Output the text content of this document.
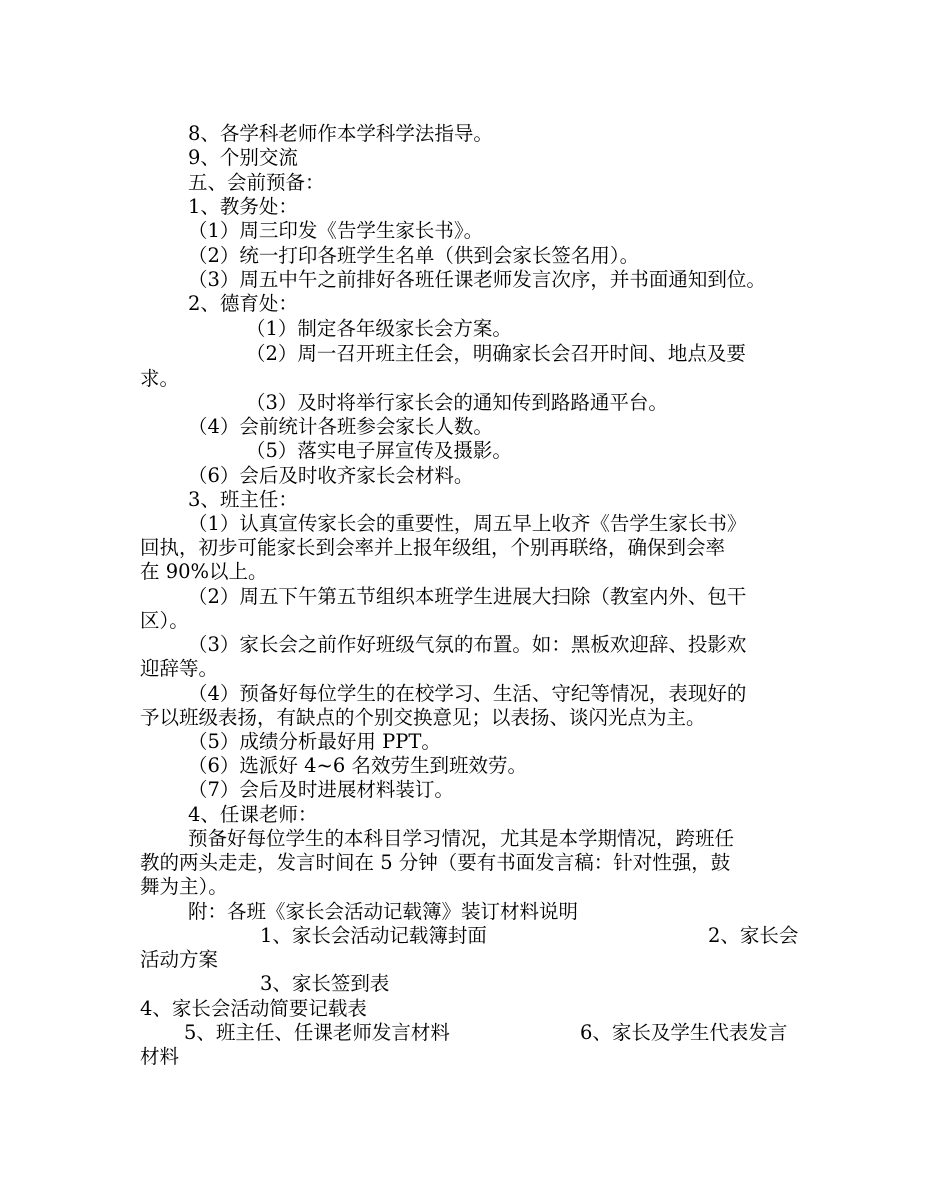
8、各学科老师作本学科学法指导。
9、个别交流
五、会前预备：
1、教务处：
（1）周三印发《告学生家长书》。
（2）统一打印各班学生名单（供到会家长签名用）。
（3）周五中午之前排好各班任课老师发言次序，并书面通知到位。
2、德育处：
（1）制定各年级家长会方案。
（2）周一召开班主任会，明确家长会召开时间、地点及要
求。
（3）及时将举行家长会的通知传到路路通平台。
（4）会前统计各班参会家长人数。
（5）落实电子屏宣传及摄影。
（6）会后及时收齐家长会材料。
3、班主任：
（1）认真宣传家长会的重要性，周五早上收齐《告学生家长书》
回执，初步可能家长到会率并上报年级组，个别再联络，确保到会率
在 90%以上。
（2）周五下午第五节组织本班学生进展大扫除（教室内外、包干
区）。
（3）家长会之前作好班级气氛的布置。如：黑板欢迎辞、投影欢
迎辞等。
（4）预备好每位学生的在校学习、生活、守纪等情况，表现好的
予以班级表扬，有缺点的个别交换意见；以表扬、谈闪光点为主。
（5）成绩分析最好用 PPT。
（6）选派好 4~6 名效劳生到班效劳。
（7）会后及时进展材料装订。
4、任课老师：
预备好每位学生的本科目学习情况，尤其是本学期情况，跨班任
教的两头走走，发言时间在 5 分钟（要有书面发言稿：针对性强，鼓
舞为主）。
附：各班《家长会活动记载簿》装订材料说明
1、家长会活动记载簿封面	2、家长会
活动方案
3、家长签到表
4、家长会活动简要记载表
5、班主任、任课老师发言材料	6、家长及学生代表发言
材料
